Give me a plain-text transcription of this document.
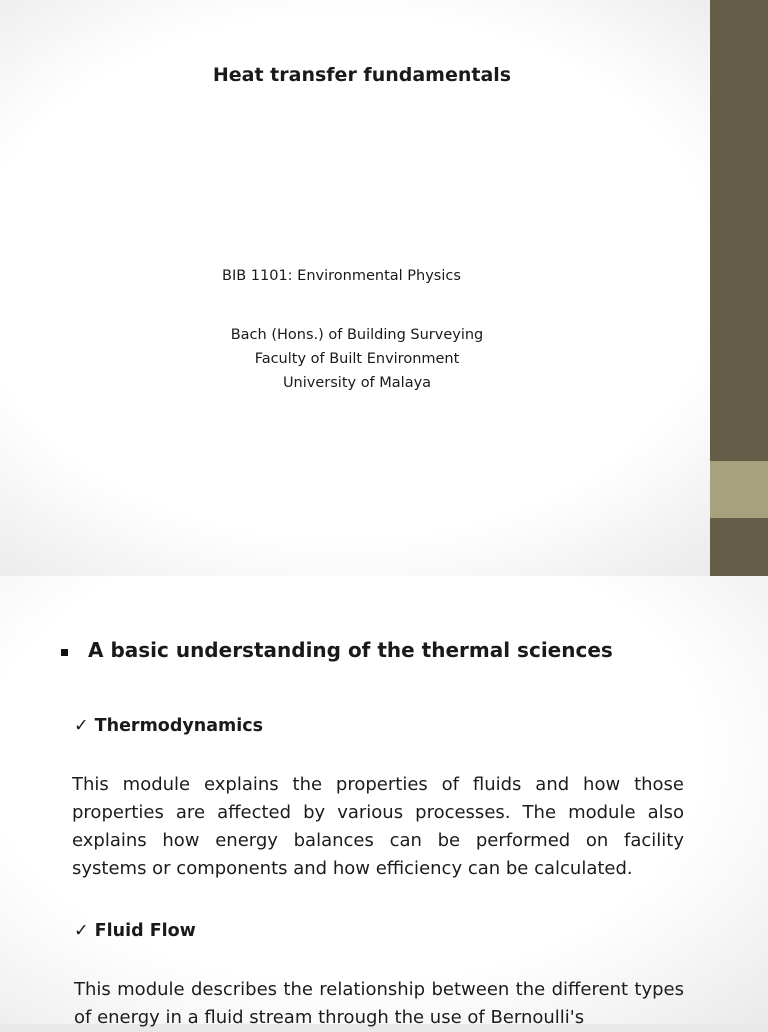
Heat transfer fundamentals

BIB 1101: Environmental Physics

Bach (Hons.) of Building Surveying
Faculty of Built Environment
University of Malaya
A basic understanding of the thermal sciences
✓ Thermodynamics

This module explains the properties of fluids and how those properties are affected by various processes. The module also explains how energy balances can be performed on facility systems or components and how efficiency can be calculated.

✓ Fluid Flow

This module describes the relationship between the different types of energy in a fluid stream through the use of Bernoulli's
